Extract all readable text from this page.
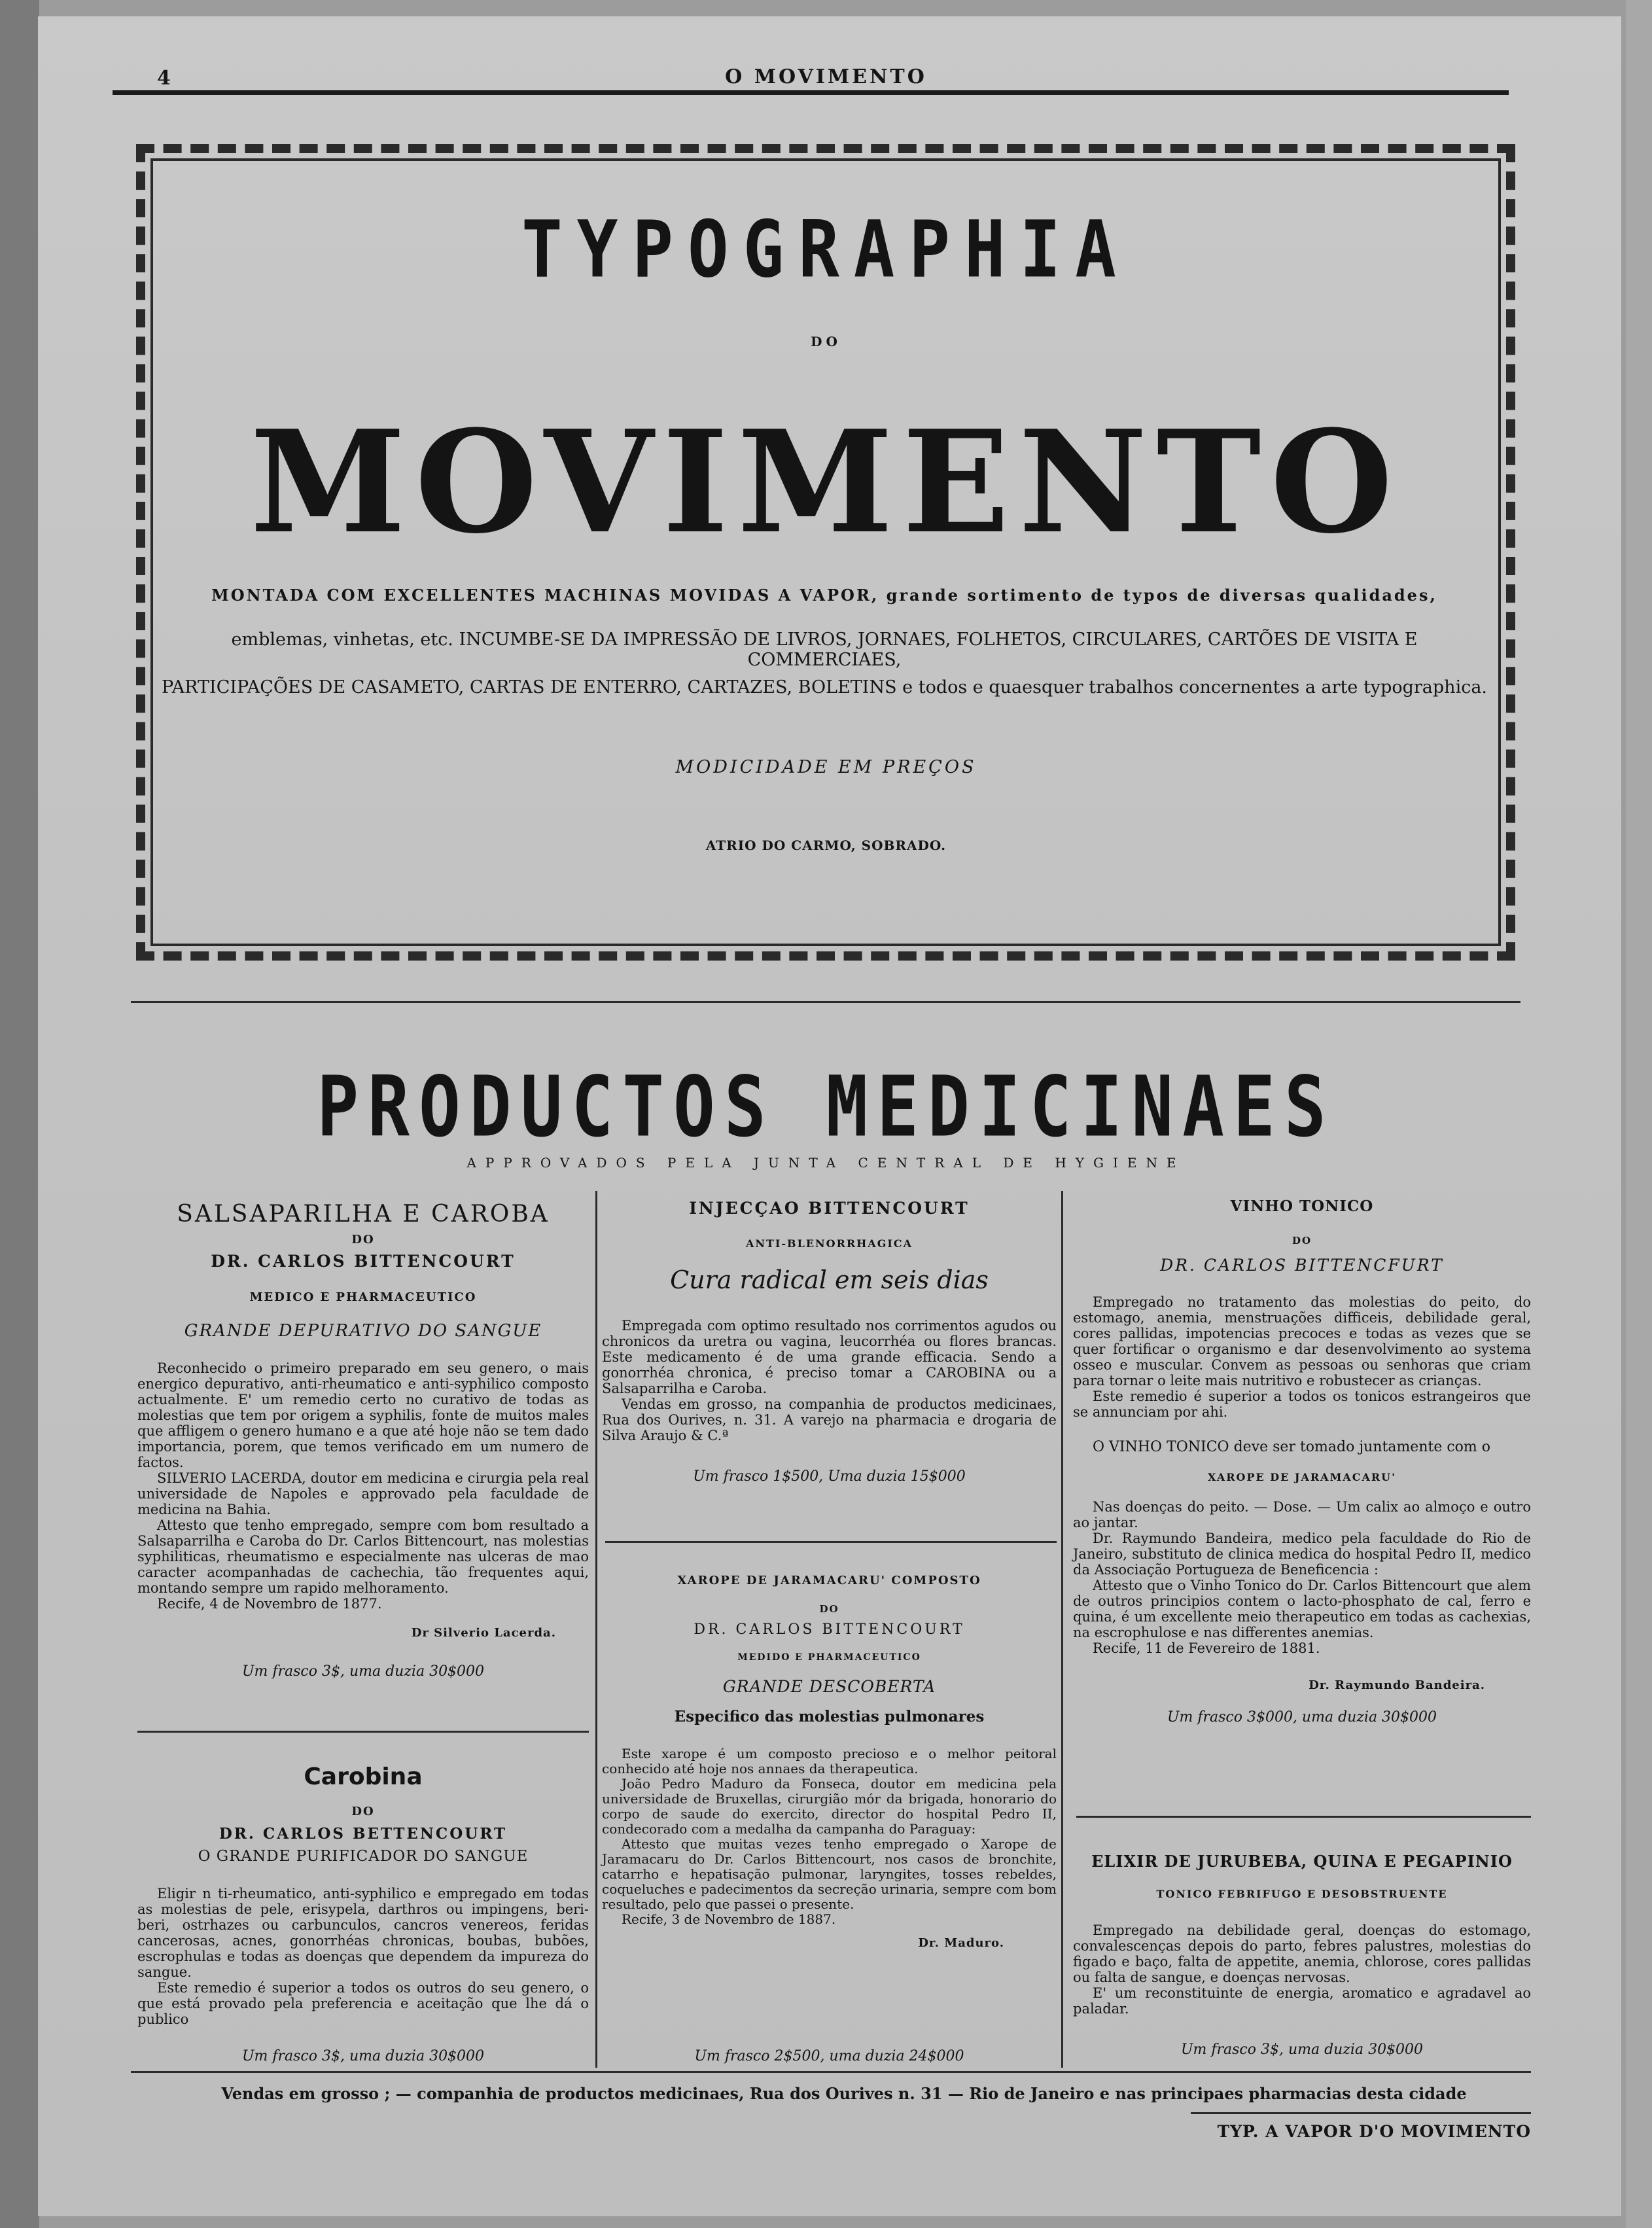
4	O MOVIMENTO
TYPOGRAPHIA
DO
MOVIMENTO
MONTADA COM EXCELLENTES MACHINAS MOVIDAS A VAPOR, grande sortimento de typos de diversas qualidades,
emblemas, vinhetas, etc. INCUMBE-SE DA IMPRESSÃO DE LIVROS, JORNAES, FOLHETOS, CIRCULARES, CARTÕES DE VISITA E COMMERCIAES,
PARTICIPAÇÕES DE CASAMETO, CARTAS DE ENTERRO, CARTAZES, BOLETINS e todos e quaesquer trabalhos concernentes a arte typographica.
MODICIDADE EM PREÇOS
ATRIO DO CARMO, SOBRADO.
PRODUCTOS MEDICINAES
APPROVADOS PELA JUNTA CENTRAL DE HYGIENE
SALSAPARILHA E CAROBA
DO
DR. CARLOS BITTENCOURT
MEDICO E PHARMACEUTICO
GRANDE DEPURATIVO DO SANGUE
Reconhecido o primeiro preparado em seu genero, o mais energico depurativo, anti-rheumatico e anti-syphilico composto actualmente. E' um remedio certo no curativo de todas as molestias que tem por origem a syphilis, fonte de muitos males que affligem o genero humano e a que até hoje não se tem dado importancia, porem, que temos verificado em um numero de factos.
SILVERIO LACERDA, doutor em medicina e cirurgia pela real universidade de Napoles e approvado pela faculdade de medicina na Bahia.
Attesto que tenho empregado, sempre com bom resultado a Salsaparrilha e Caroba do Dr. Carlos Bittencourt, nas molestias syphiliticas, rheumatismo e especialmente nas ulceras de mao caracter acompanhadas de cachechia, tão frequentes aqui, montando sempre um rapido melhoramento.
Recife, 4 de Novembro de 1877.
Dr Silverio Lacerda.
Um frasco 3$, uma duzia 30$000
Carobina
DO
DR. CARLOS BETTENCOURT
O GRANDE PURIFICADOR DO SANGUE
Eligir n ti-rheumatico, anti-syphilico e empregado em todas as molestias de pele, erisypela, darthros ou impingens, beri-beri, ostrhazes ou carbunculos, cancros venereos, feridas cancerosas, acnes, gonorrhéas chronicas, boubas, bubões, escrophulas e todas as doenças que dependem da impureza do sangue.
Este remedio é superior a todos os outros do seu genero, o que está provado pela preferencia e aceitação que lhe dá o publico
Um frasco 3$, uma duzia 30$000
INJECÇAO BITTENCOURT
ANTI-BLENORRHAGICA
Cura radical em seis dias
Empregada com optimo resultado nos corrimentos agudos ou chronicos da uretra ou vagina, leucorrhéa ou flores brancas. Este medicamento é de uma grande efficacia. Sendo a gonorrhéa chronica, é preciso tomar a CAROBINA ou a Salsaparrilha e Caroba.
Vendas em grosso, na companhia de productos medicinaes, Rua dos Ourives, n. 31. A varejo na pharmacia e drogaria de Silva Araujo & C.ª
Um frasco 1$500, Uma duzia 15$000
XAROPE DE JARAMACARU' COMPOSTO
DO
DR. CARLOS BITTENCOURT
MEDIDO E PHARMACEUTICO
GRANDE DESCOBERTA
Especifico das molestias pulmonares
Este xarope é um composto precioso e o melhor peitoral conhecido até hoje nos annaes da therapeutica.
João Pedro Maduro da Fonseca, doutor em medicina pela universidade de Bruxellas, cirurgião mór da brigada, honorario do corpo de saude do exercito, director do hospital Pedro II, condecorado com a medalha da campanha do Paraguay:
Attesto que muitas vezes tenho empregado o Xarope de Jaramacaru do Dr. Carlos Bittencourt, nos casos de bronchite, catarrho e hepatisação pulmonar, laryngites, tosses rebeldes, coqueluches e padecimentos da secreção urinaria, sempre com bom resultado, pelo que passei o presente.
Recife, 3 de Novembro de 1887.
Dr. Maduro.
Um frasco 2$500, uma duzia 24$000
VINHO TONICO
DO
DR. CARLOS BITTENCFURT
Empregado no tratamento das molestias do peito, do estomago, anemia, menstruações difficeis, debilidade geral, cores pallidas, impotencias precoces e todas as vezes que se quer fortificar o organismo e dar desenvolvimento ao systema osseo e muscular. Convem as pessoas ou senhoras que criam para tornar o leite mais nutritivo e robustecer as crianças.
Este remedio é superior a todos os tonicos estrangeiros que se annunciam por ahi.
O VINHO TONICO deve ser tomado juntamente com o
XAROPE DE JARAMACARU'
Nas doenças do peito. — Dose. — Um calix ao almoço e outro ao jantar.
Dr. Raymundo Bandeira, medico pela faculdade do Rio de Janeiro, substituto de clinica medica do hospital Pedro II, medico da Associação Portugueza de Beneficencia :
Attesto que o Vinho Tonico do Dr. Carlos Bittencourt que alem de outros principios contem o lacto-phosphato de cal, ferro e quina, é um excellente meio therapeutico em todas as cachexias, na escrophulose e nas differentes anemias.
Recife, 11 de Fevereiro de 1881.
Dr. Raymundo Bandeira.
Um frasco 3$000, uma duzia 30$000
ELIXIR DE JURUBEBA, QUINA E PEGAPINIO
TONICO FEBRIFUGO E DESOBSTRUENTE
Empregado na debilidade geral, doenças do estomago, convalescenças depois do parto, febres palustres, molestias do figado e baço, falta de appetite, anemia, chlorose, cores pallidas ou falta de sangue, e doenças nervosas.
E' um reconstituinte de energia, aromatico e agradavel ao paladar.
Um frasco 3$, uma duzia 30$000
Vendas em grosso ; — companhia de productos medicinaes, Rua dos Ourives n. 31 — Rio de Janeiro e nas principaes pharmacias desta cidade
TYP. A VAPOR D'O MOVIMENTO
